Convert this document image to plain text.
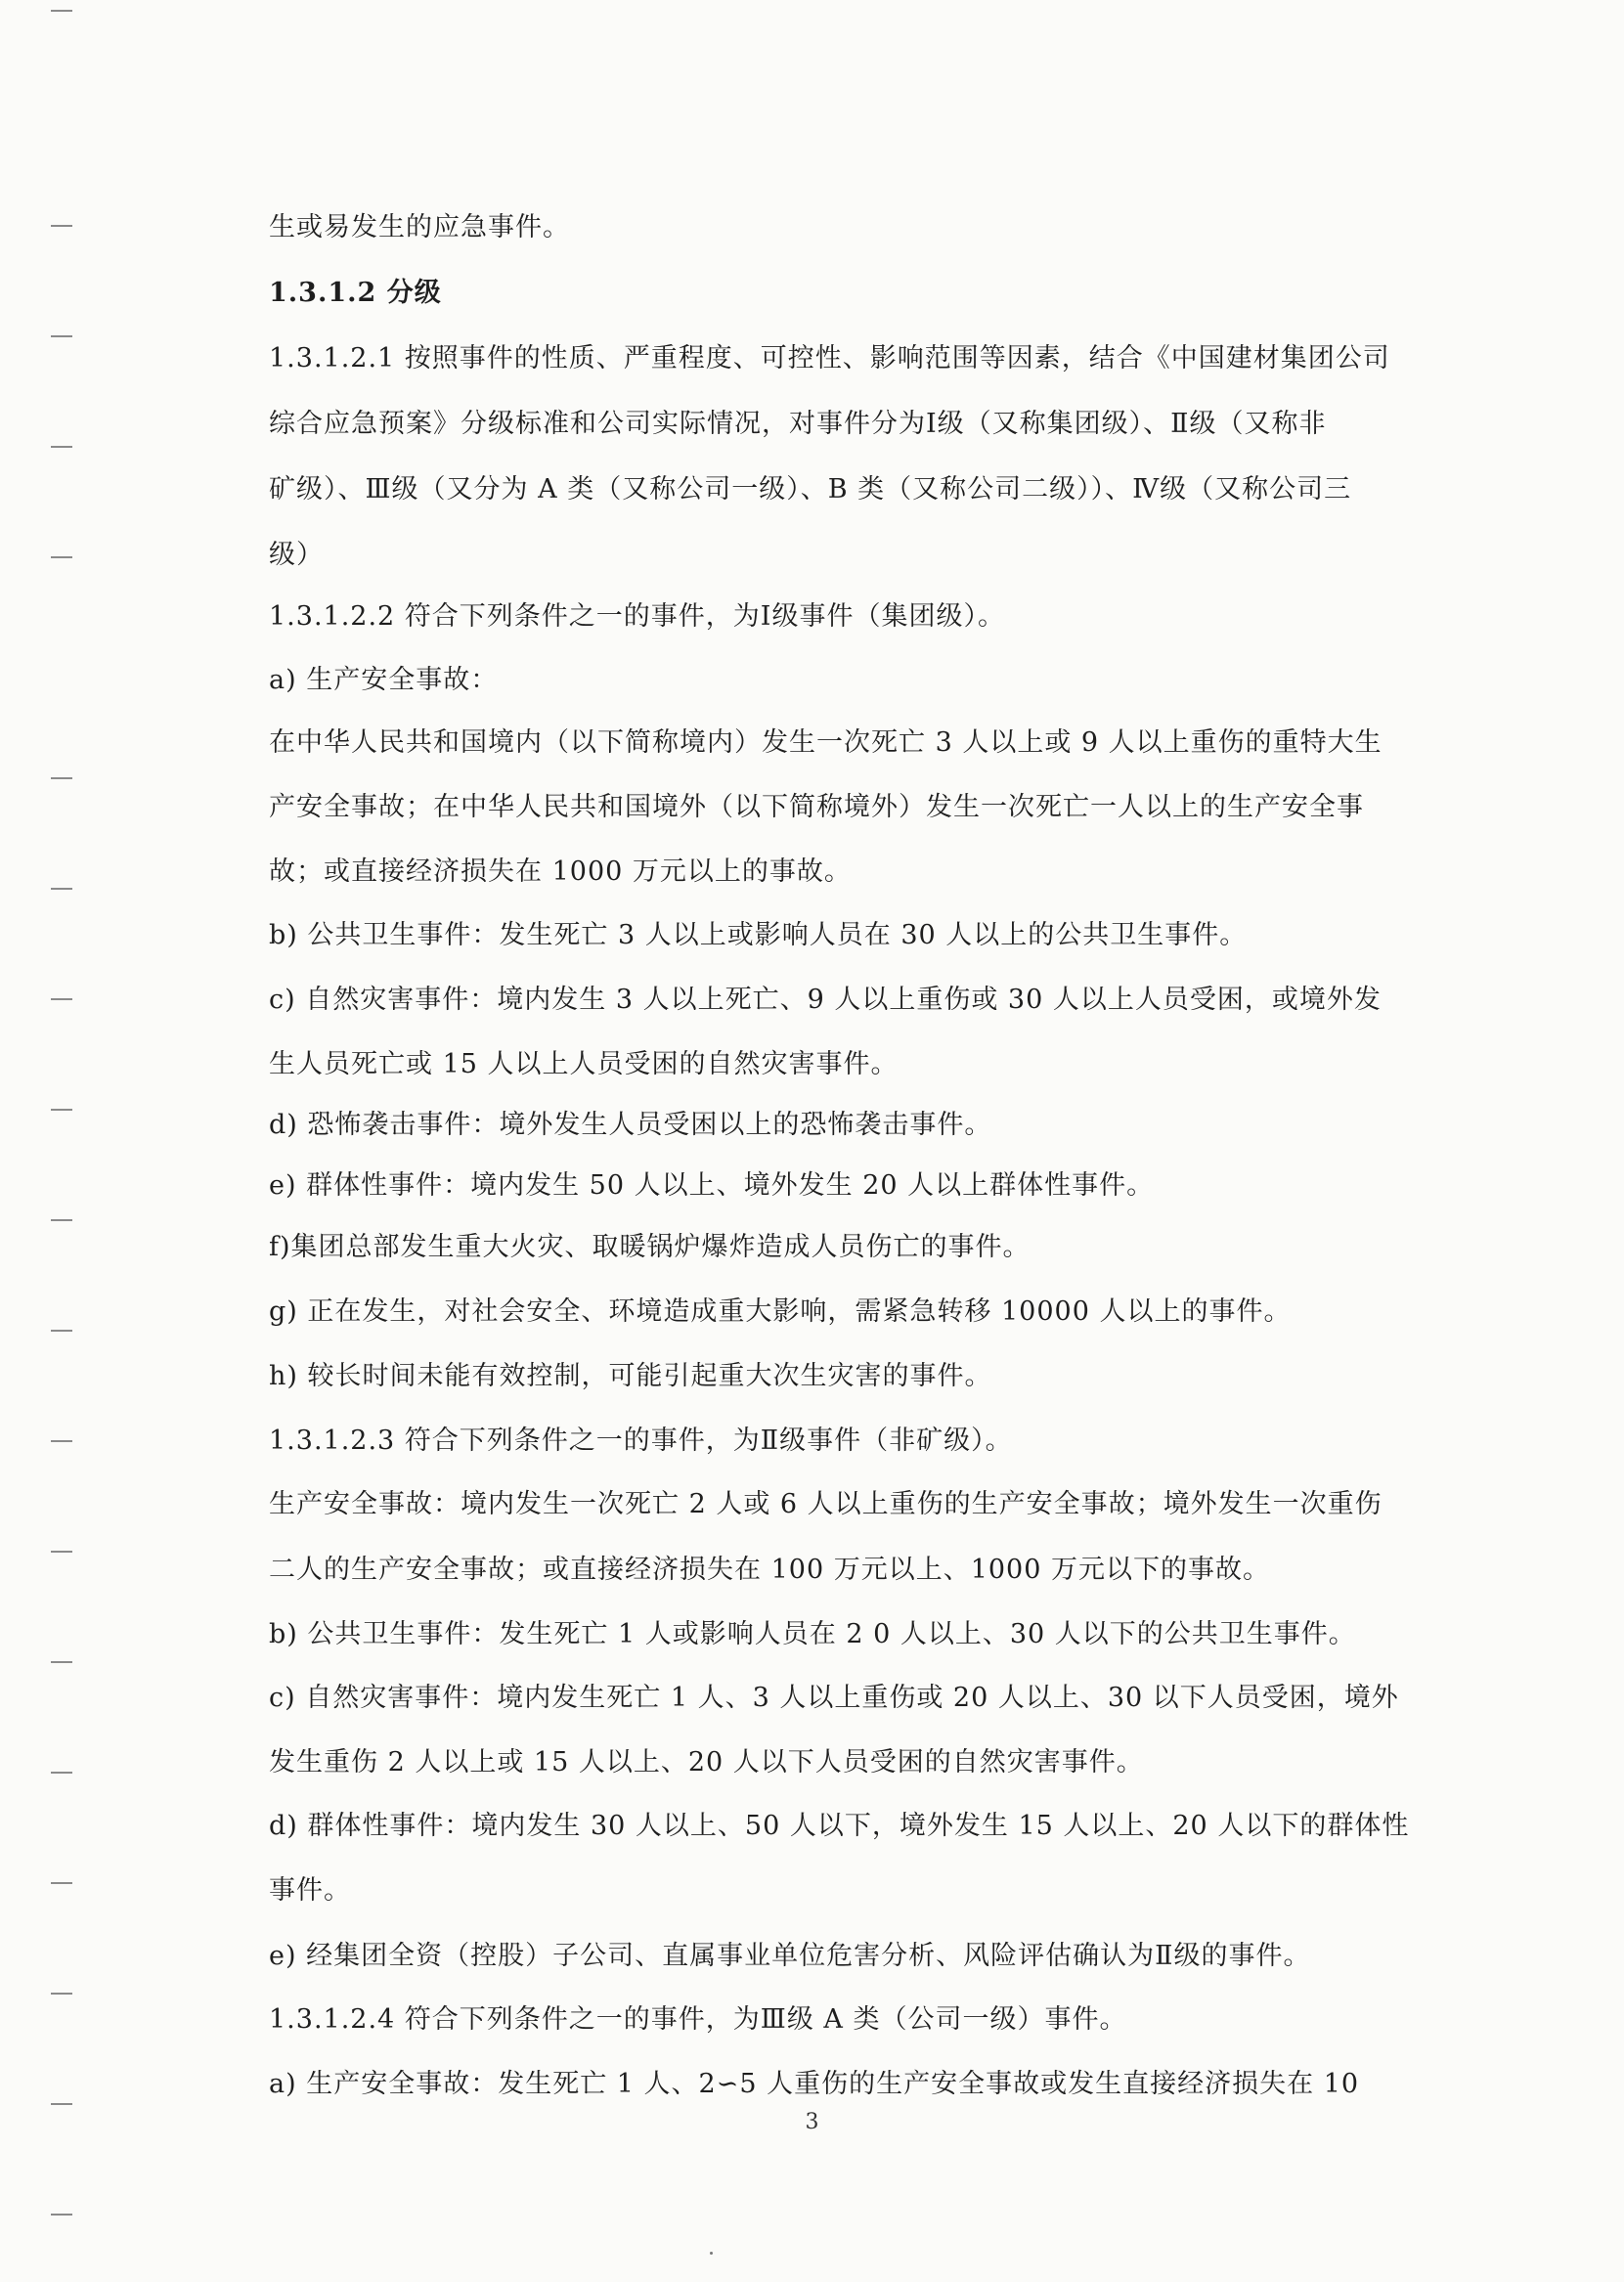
生或易发生的应急事件。
1.3.1.2 分级
1.3.1.2.1 按照事件的性质、严重程度、可控性、影响范围等因素，结合《中国建材集团公司
综合应急预案》分级标准和公司实际情况，对事件分为Ⅰ级（又称集团级）、Ⅱ级（又称非
矿级）、Ⅲ级（又分为 A 类（又称公司一级）、B 类（又称公司二级））、Ⅳ级（又称公司三
级）
1.3.1.2.2 符合下列条件之一的事件，为Ⅰ级事件（集团级）。
a) 生产安全事故：
在中华人民共和国境内（以下简称境内）发生一次死亡 3 人以上或 9 人以上重伤的重特大生
产安全事故；在中华人民共和国境外（以下简称境外）发生一次死亡一人以上的生产安全事
故；或直接经济损失在 1000 万元以上的事故。
b) 公共卫生事件：发生死亡 3 人以上或影响人员在 30 人以上的公共卫生事件。
c) 自然灾害事件：境内发生 3 人以上死亡、9 人以上重伤或 30 人以上人员受困，或境外发
生人员死亡或 15 人以上人员受困的自然灾害事件。
d) 恐怖袭击事件：境外发生人员受困以上的恐怖袭击事件。
e) 群体性事件：境内发生 50 人以上、境外发生 20 人以上群体性事件。
f)集团总部发生重大火灾、取暖锅炉爆炸造成人员伤亡的事件。
g) 正在发生，对社会安全、环境造成重大影响，需紧急转移 10000 人以上的事件。
h) 较长时间未能有效控制，可能引起重大次生灾害的事件。
1.3.1.2.3 符合下列条件之一的事件，为Ⅱ级事件（非矿级）。
生产安全事故：境内发生一次死亡 2 人或 6 人以上重伤的生产安全事故；境外发生一次重伤
二人的生产安全事故；或直接经济损失在 100 万元以上、1000 万元以下的事故。
b) 公共卫生事件：发生死亡 1 人或影响人员在 2 0 人以上、30 人以下的公共卫生事件。
c) 自然灾害事件：境内发生死亡 1 人、3 人以上重伤或 20 人以上、30 以下人员受困，境外
发生重伤 2 人以上或 15 人以上、20 人以下人员受困的自然灾害事件。
d) 群体性事件：境内发生 30 人以上、50 人以下，境外发生 15 人以上、20 人以下的群体性
事件。
e) 经集团全资（控股）子公司、直属事业单位危害分析、风险评估确认为Ⅱ级的事件。
1.3.1.2.4 符合下列条件之一的事件，为Ⅲ级 A 类（公司一级）事件。
a) 生产安全事故：发生死亡 1 人、2∽5 人重伤的生产安全事故或发生直接经济损失在 10
3
